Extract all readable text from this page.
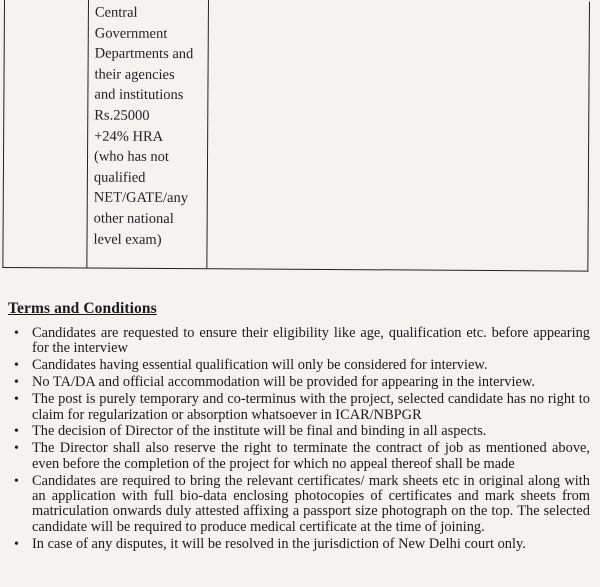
Central
Government
Departments and
their agencies
and institutions
Rs.25000
+24% HRA
(who has not
qualified
NET/GATE/any
other national
level exam)
Terms and Conditions
• Candidates are requested to ensure their eligibility like age, qualification etc. before appearing for the interview
• Candidates having essential qualification will only be considered for interview.
• No TA/DA and official accommodation will be provided for appearing in the interview.
• The post is purely temporary and co-terminus with the project, selected candidate has no right to claim for regularization or absorption whatsoever in ICAR/NBPGR
• The decision of Director of the institute will be final and binding in all aspects.
• The Director shall also reserve the right to terminate the contract of job as mentioned above, even before the completion of the project for which no appeal thereof shall be made
• Candidates are required to bring the relevant certificates/ mark sheets etc in original along with an application with full bio-data enclosing photocopies of certificates and mark sheets from matriculation onwards duly attested affixing a passport size photograph on the top. The selected candidate will be required to produce medical certificate at the time of joining.
• In case of any disputes, it will be resolved in the jurisdiction of New Delhi court only.
